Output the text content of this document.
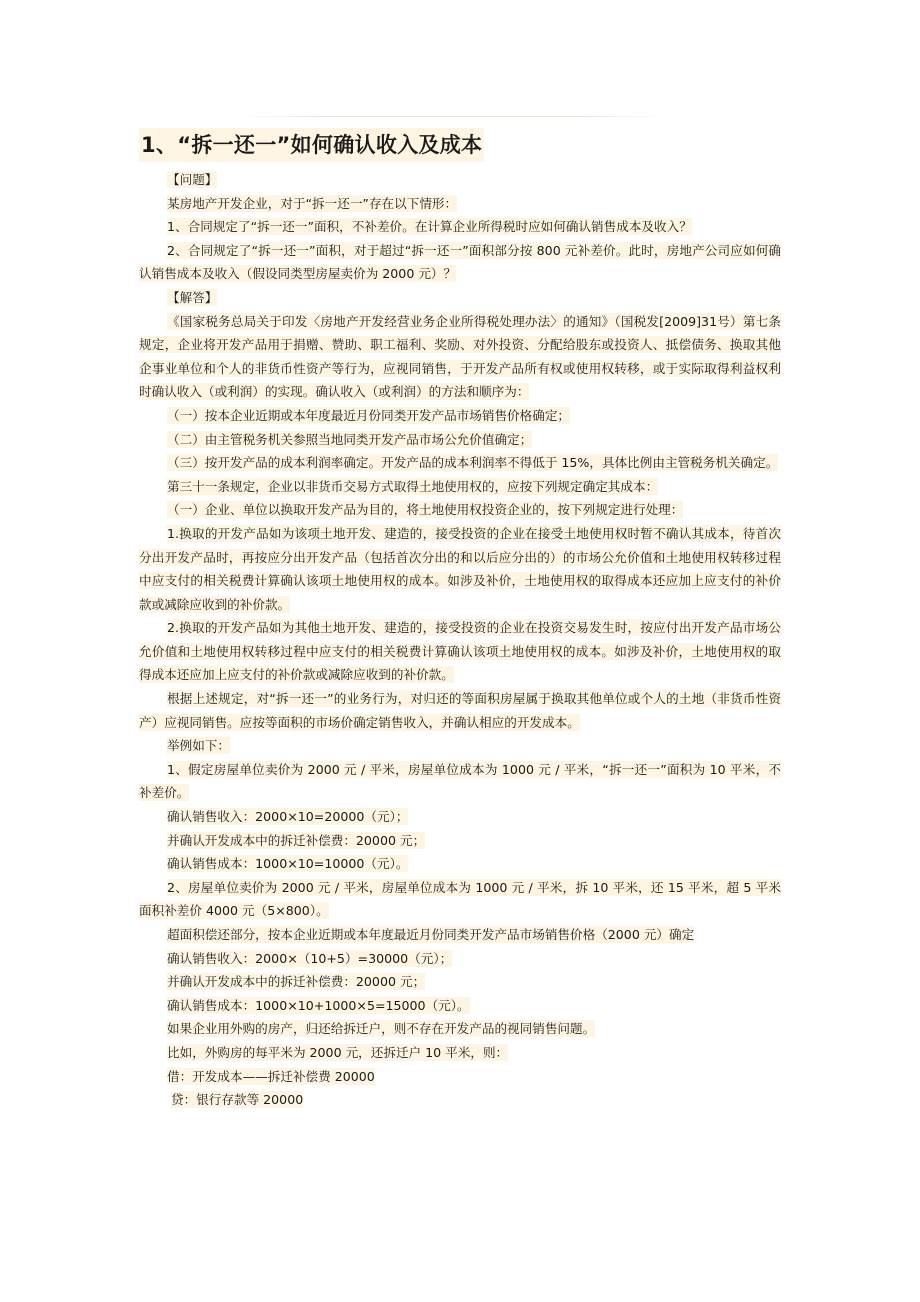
1、“拆一还一”如何确认收入及成本

【问题】

某房地产开发企业，对于“拆一还一”存在以下情形：

1、合同规定了“拆一还一”面积，不补差价。在计算企业所得税时应如何确认销售成本及收入？

2、合同规定了“拆一还一”面积，对于超过“拆一还一”面积部分按 800 元补差价。此时，房地产公司应如何确认销售成本及收入（假设同类型房屋卖价为 2000 元）？

【解答】

《国家税务总局关于印发〈房地产开发经营业务企业所得税处理办法〉的通知》（国税发[2009]31号）第七条规定，企业将开发产品用于捐赠、赞助、职工福利、奖励、对外投资、分配给股东或投资人、抵偿债务、换取其他企事业单位和个人的非货币性资产等行为，应视同销售，于开发产品所有权或使用权转移，或于实际取得利益权利时确认收入（或利润）的实现。确认收入（或利润）的方法和顺序为：

（一）按本企业近期或本年度最近月份同类开发产品市场销售价格确定；

（二）由主管税务机关参照当地同类开发产品市场公允价值确定；

（三）按开发产品的成本利润率确定。开发产品的成本利润率不得低于 15%，具体比例由主管税务机关确定。

第三十一条规定，企业以非货币交易方式取得土地使用权的，应按下列规定确定其成本：

（一）企业、单位以换取开发产品为目的，将土地使用权投资企业的，按下列规定进行处理：

1.换取的开发产品如为该项土地开发、建造的，接受投资的企业在接受土地使用权时暂不确认其成本，待首次分出开发产品时，再按应分出开发产品（包括首次分出的和以后应分出的）的市场公允价值和土地使用权转移过程中应支付的相关税费计算确认该项土地使用权的成本。如涉及补价，土地使用权的取得成本还应加上应支付的补价款或减除应收到的补价款。

2.换取的开发产品如为其他土地开发、建造的，接受投资的企业在投资交易发生时，按应付出开发产品市场公允价值和土地使用权转移过程中应支付的相关税费计算确认该项土地使用权的成本。如涉及补价，土地使用权的取得成本还应加上应支付的补价款或减除应收到的补价款。

根据上述规定，对“拆一还一”的业务行为，对归还的等面积房屋属于换取其他单位或个人的土地（非货币性资产）应视同销售。应按等面积的市场价确定销售收入，并确认相应的开发成本。

举例如下：

1、假定房屋单位卖价为 2000 元 / 平米，房屋单位成本为 1000 元 / 平米，“拆一还一”面积为 10 平米，不补差价。

确认销售收入：2000×10=20000（元）；

并确认开发成本中的拆迁补偿费：20000 元；

确认销售成本：1000×10=10000（元）。

2、房屋单位卖价为 2000 元 / 平米，房屋单位成本为 1000 元 / 平米，拆 10 平米，还 15 平米，超 5 平米面积补差价 4000 元（5×800）。

超面积偿还部分，按本企业近期或本年度最近月份同类开发产品市场销售价格（2000 元）确定

确认销售收入：2000×（10+5）=30000（元）；

并确认开发成本中的拆迁补偿费：20000 元；

确认销售成本：1000×10+1000×5=15000（元）。

如果企业用外购的房产，归还给拆迁户，则不存在开发产品的视同销售问题。

比如，外购房的每平米为 2000 元，还拆迁户 10 平米，则：

借：开发成本——拆迁补偿费 20000

贷：银行存款等 20000
